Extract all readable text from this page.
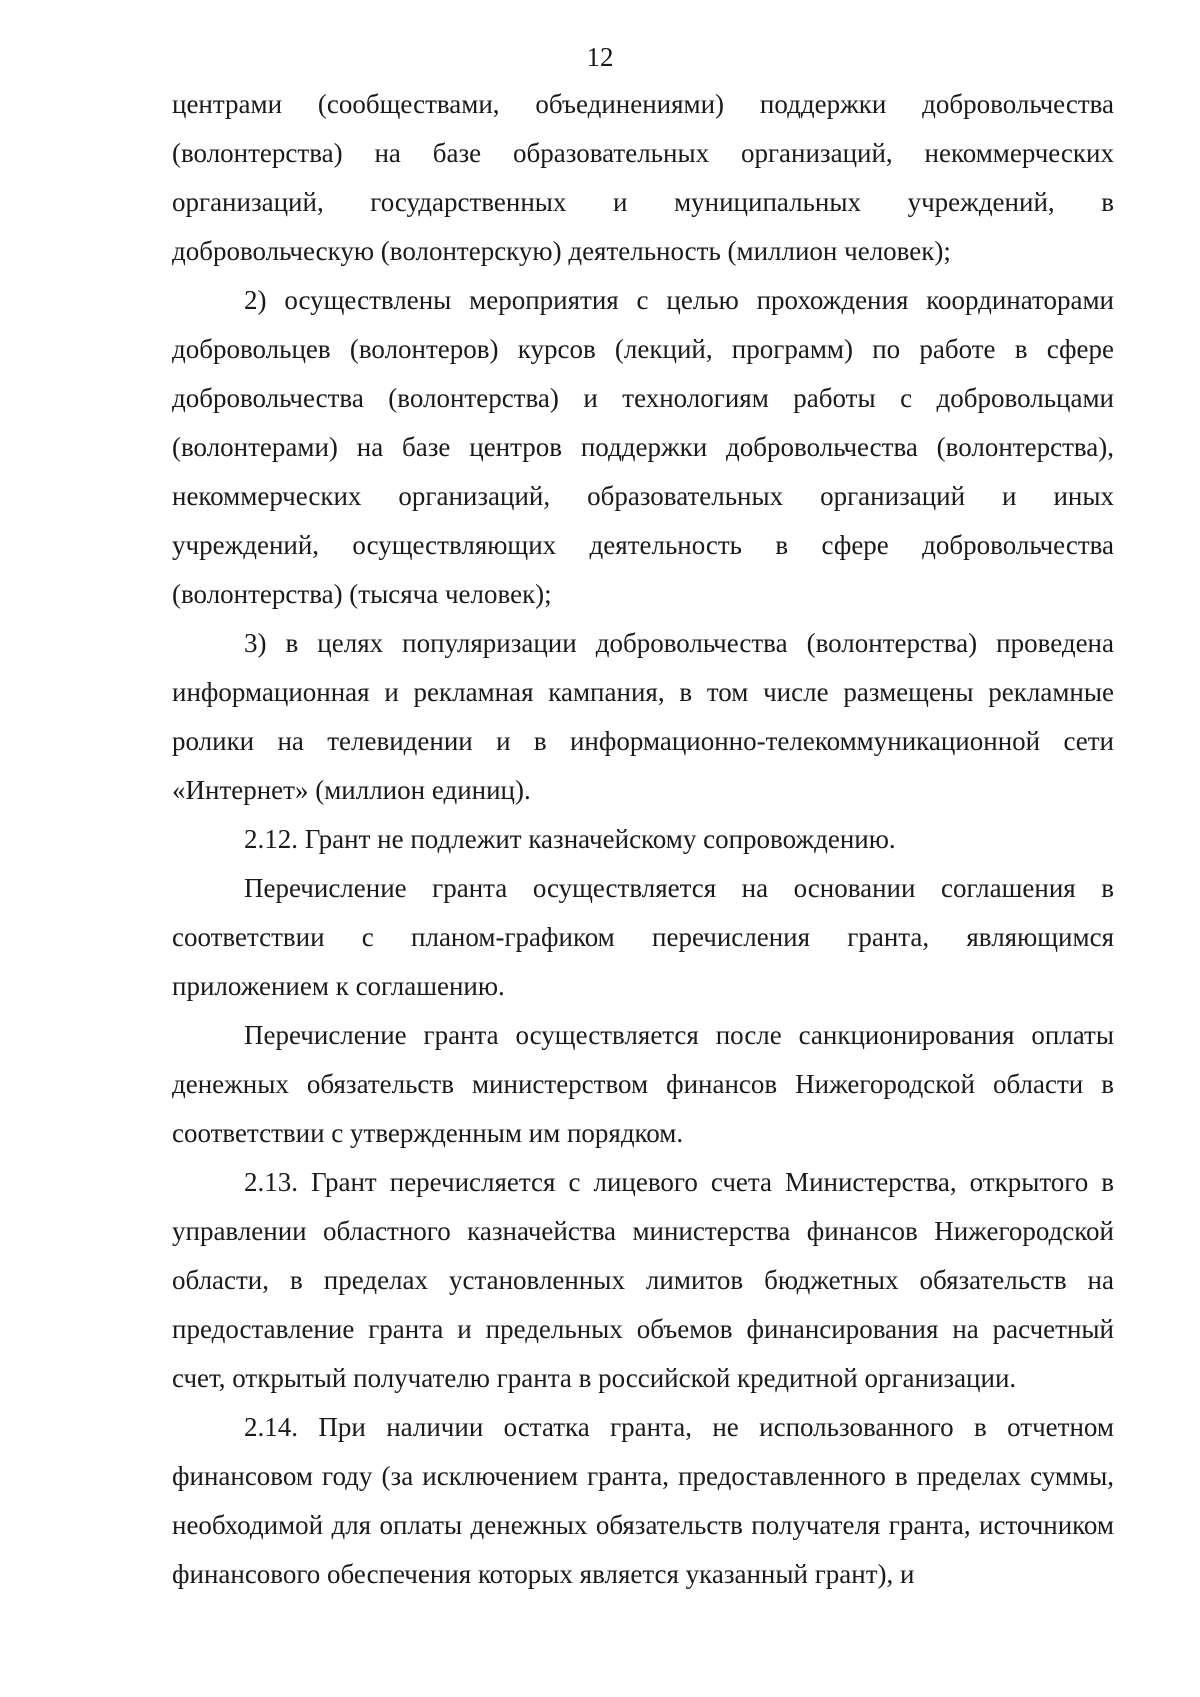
12

центрами (сообществами, объединениями) поддержки добровольчества (волонтерства) на базе образовательных организаций, некоммерческих организаций, государственных и муниципальных учреждений, в добровольческую (волонтерскую) деятельность (миллион человек);

2) осуществлены мероприятия с целью прохождения координаторами добровольцев (волонтеров) курсов (лекций, программ) по работе в сфере добровольчества (волонтерства) и технологиям работы с добровольцами (волонтерами) на базе центров поддержки добровольчества (волонтерства), некоммерческих организаций, образовательных организаций и иных учреждений, осуществляющих деятельность в сфере добровольчества (волонтерства) (тысяча человек);

3) в целях популяризации добровольчества (волонтерства) проведена информационная и рекламная кампания, в том числе размещены рекламные ролики на телевидении и в информационно-телекоммуникационной сети «Интернет» (миллион единиц).

2.12. Грант не подлежит казначейскому сопровождению.

Перечисление гранта осуществляется на основании соглашения в соответствии с планом-графиком перечисления гранта, являющимся приложением к соглашению.

Перечисление гранта осуществляется после санкционирования оплаты денежных обязательств министерством финансов Нижегородской области в соответствии с утвержденным им порядком.

2.13. Грант перечисляется с лицевого счета Министерства, открытого в управлении областного казначейства министерства финансов Нижегородской области, в пределах установленных лимитов бюджетных обязательств на предоставление гранта и предельных объемов финансирования на расчетный счет, открытый получателю гранта в российской кредитной организации.

2.14. При наличии остатка гранта, не использованного в отчетном финансовом году (за исключением гранта, предоставленного в пределах суммы, необходимой для оплаты денежных обязательств получателя гранта, источником финансового обеспечения которых является указанный грант), и
